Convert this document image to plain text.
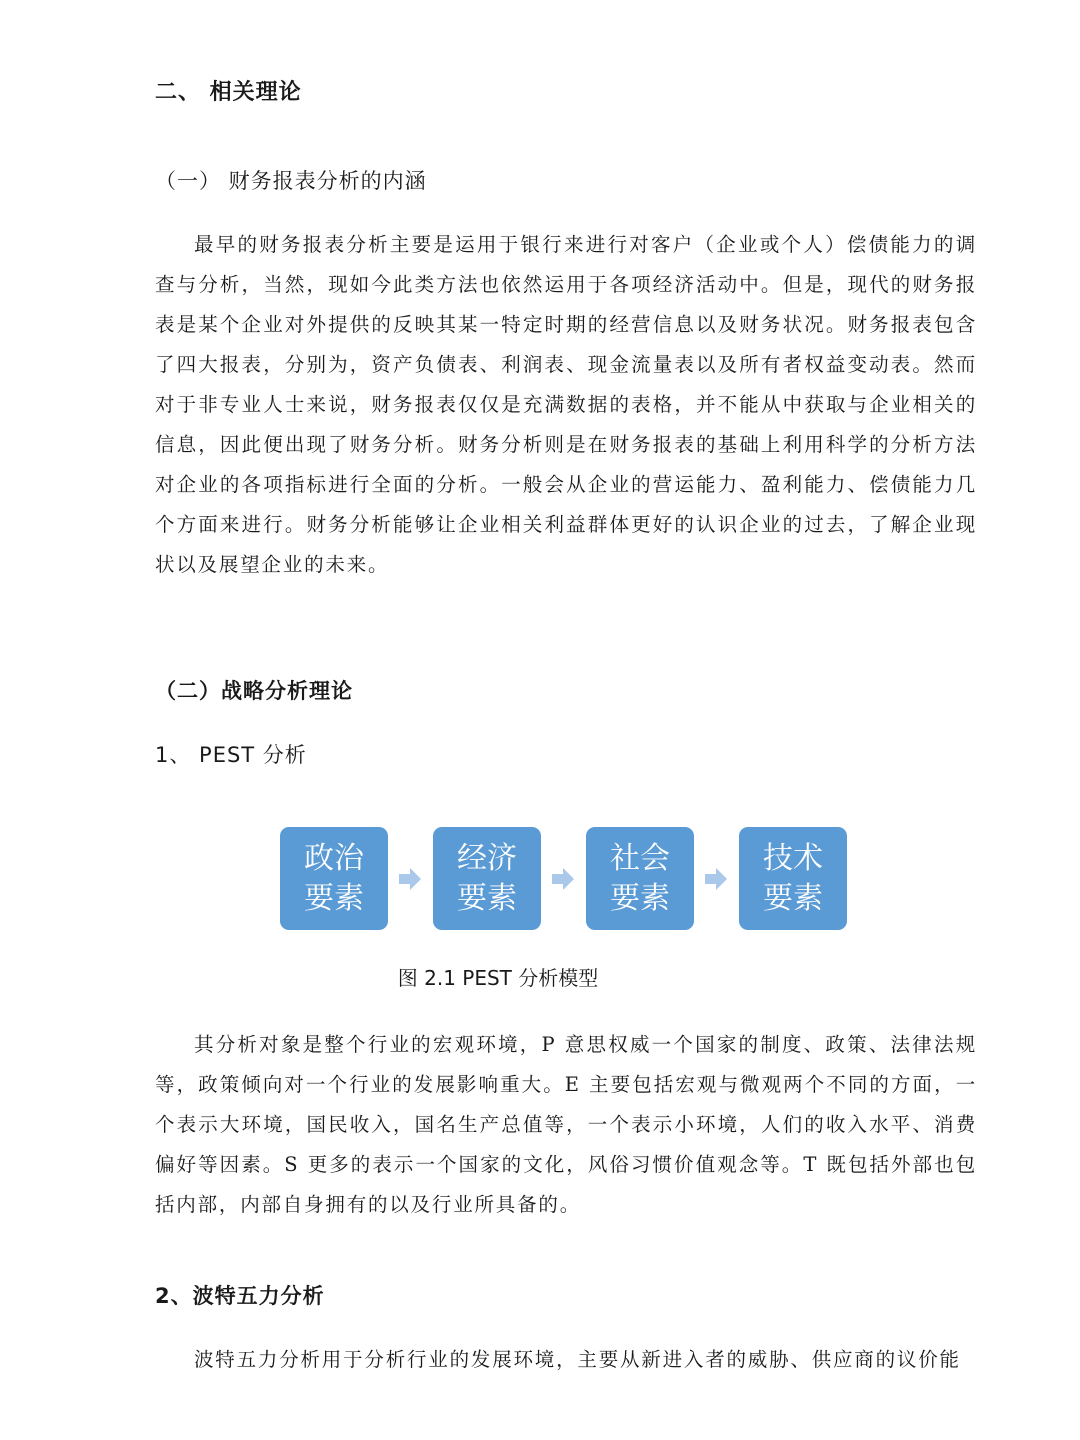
二、 相关理论
（一） 财务报表分析的内涵

最早的财务报表分析主要是运用于银行来进行对客户（企业或个人）偿债能力的调查与分析，当然，现如今此类方法也依然运用于各项经济活动中。但是，现代的财务报表是某个企业对外提供的反映其某一特定时期的经营信息以及财务状况。财务报表包含了四大报表，分别为，资产负债表、利润表、现金流量表以及所有者权益变动表。然而对于非专业人士来说，财务报表仅仅是充满数据的表格，并不能从中获取与企业相关的信息，因此便出现了财务分析。财务分析则是在财务报表的基础上利用科学的分析方法对企业的各项指标进行全面的分析。一般会从企业的营运能力、盈利能力、偿债能力几个方面来进行。财务分析能够让企业相关利益群体更好的认识企业的过去，了解企业现状以及展望企业的未来。

（二）战略分析理论
1、 PEST 分析
政治要素
经济要素
社会要素
技术要素
图 2.1 PEST 分析模型

其分析对象是整个行业的宏观环境，P 意思权威一个国家的制度、政策、法律法规等，政策倾向对一个行业的发展影响重大。E 主要包括宏观与微观两个不同的方面，一个表示大环境，国民收入，国名生产总值等，一个表示小环境，人们的收入水平、消费偏好等因素。S 更多的表示一个国家的文化，风俗习惯价值观念等。T 既包括外部也包括内部，内部自身拥有的以及行业所具备的。

2、波特五力分析

波特五力分析用于分析行业的发展环境，主要从新进入者的威胁、供应商的议价能
